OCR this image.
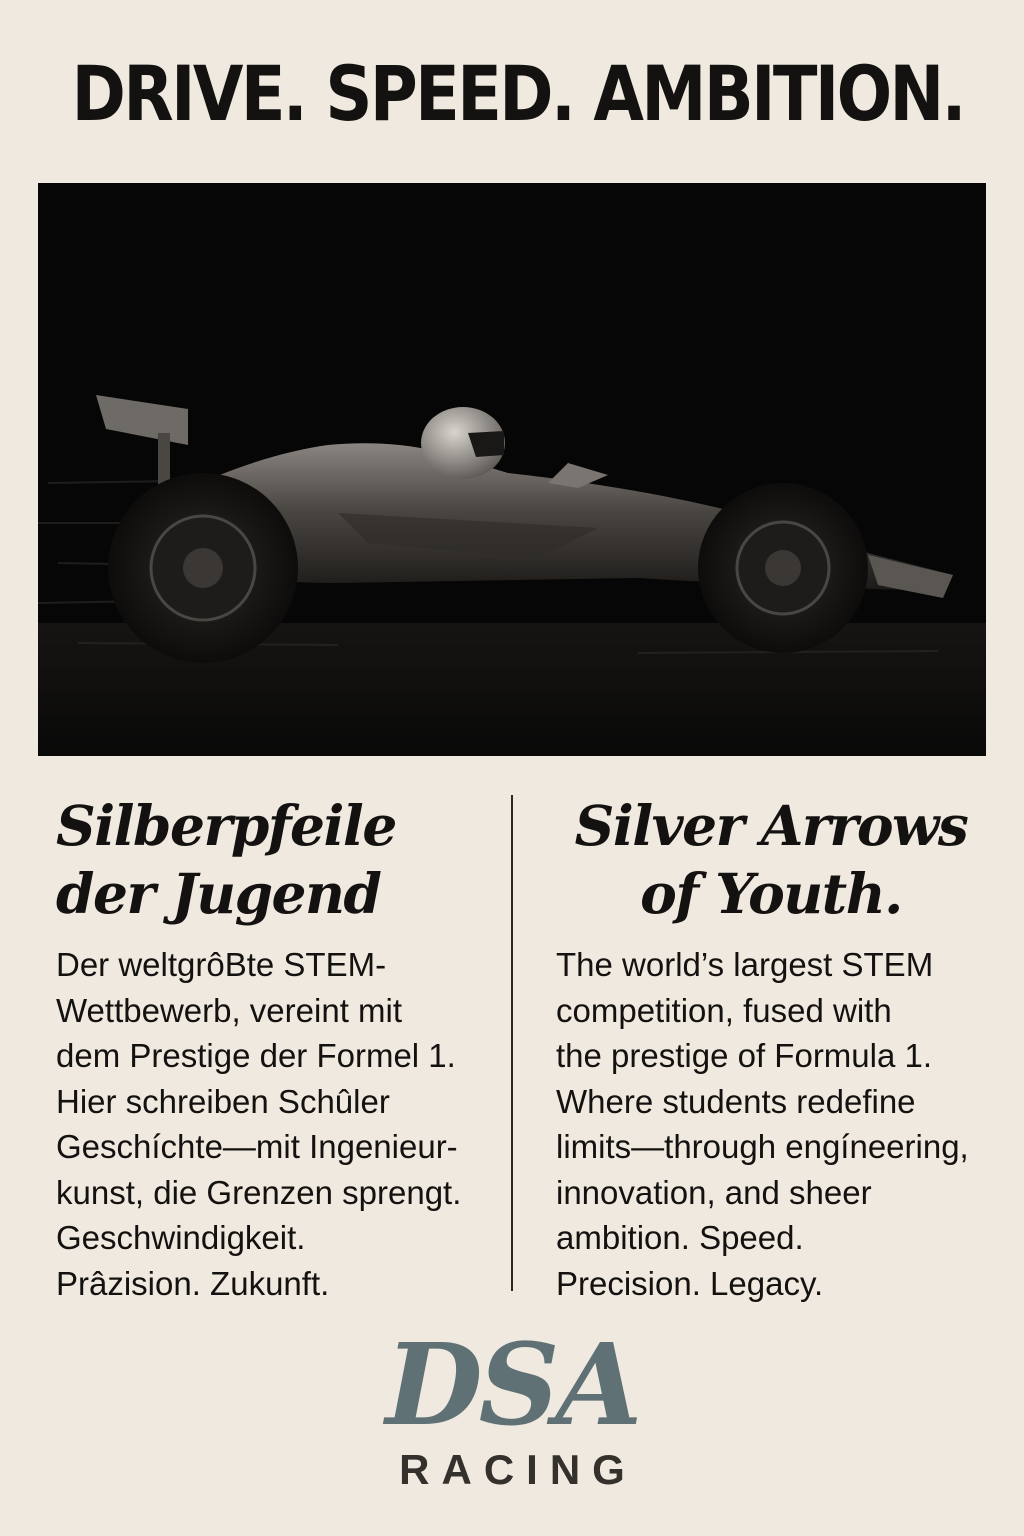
DRIVE. SPEED. AMBITION.
Silberpfeile
der Jugend
Der weltgrôBte STEM-
Wettbewerb, vereint mit
dem Prestige der Formel 1.
Hier schreiben Schûler
Geschíchte—mit Ingenieur-
kunst, die Grenzen sprengt.
Geschwindigkeit.
Prâzision. Zukunft.
Silver Arrows
of Youth.
The world’s largest STEM
competition, fused with
the prestige of Formula 1.
Where students redefine
limits—through engíneering,
innovation, and sheer
ambition. Speed.
Precision. Legacy.
DSA
RACING
